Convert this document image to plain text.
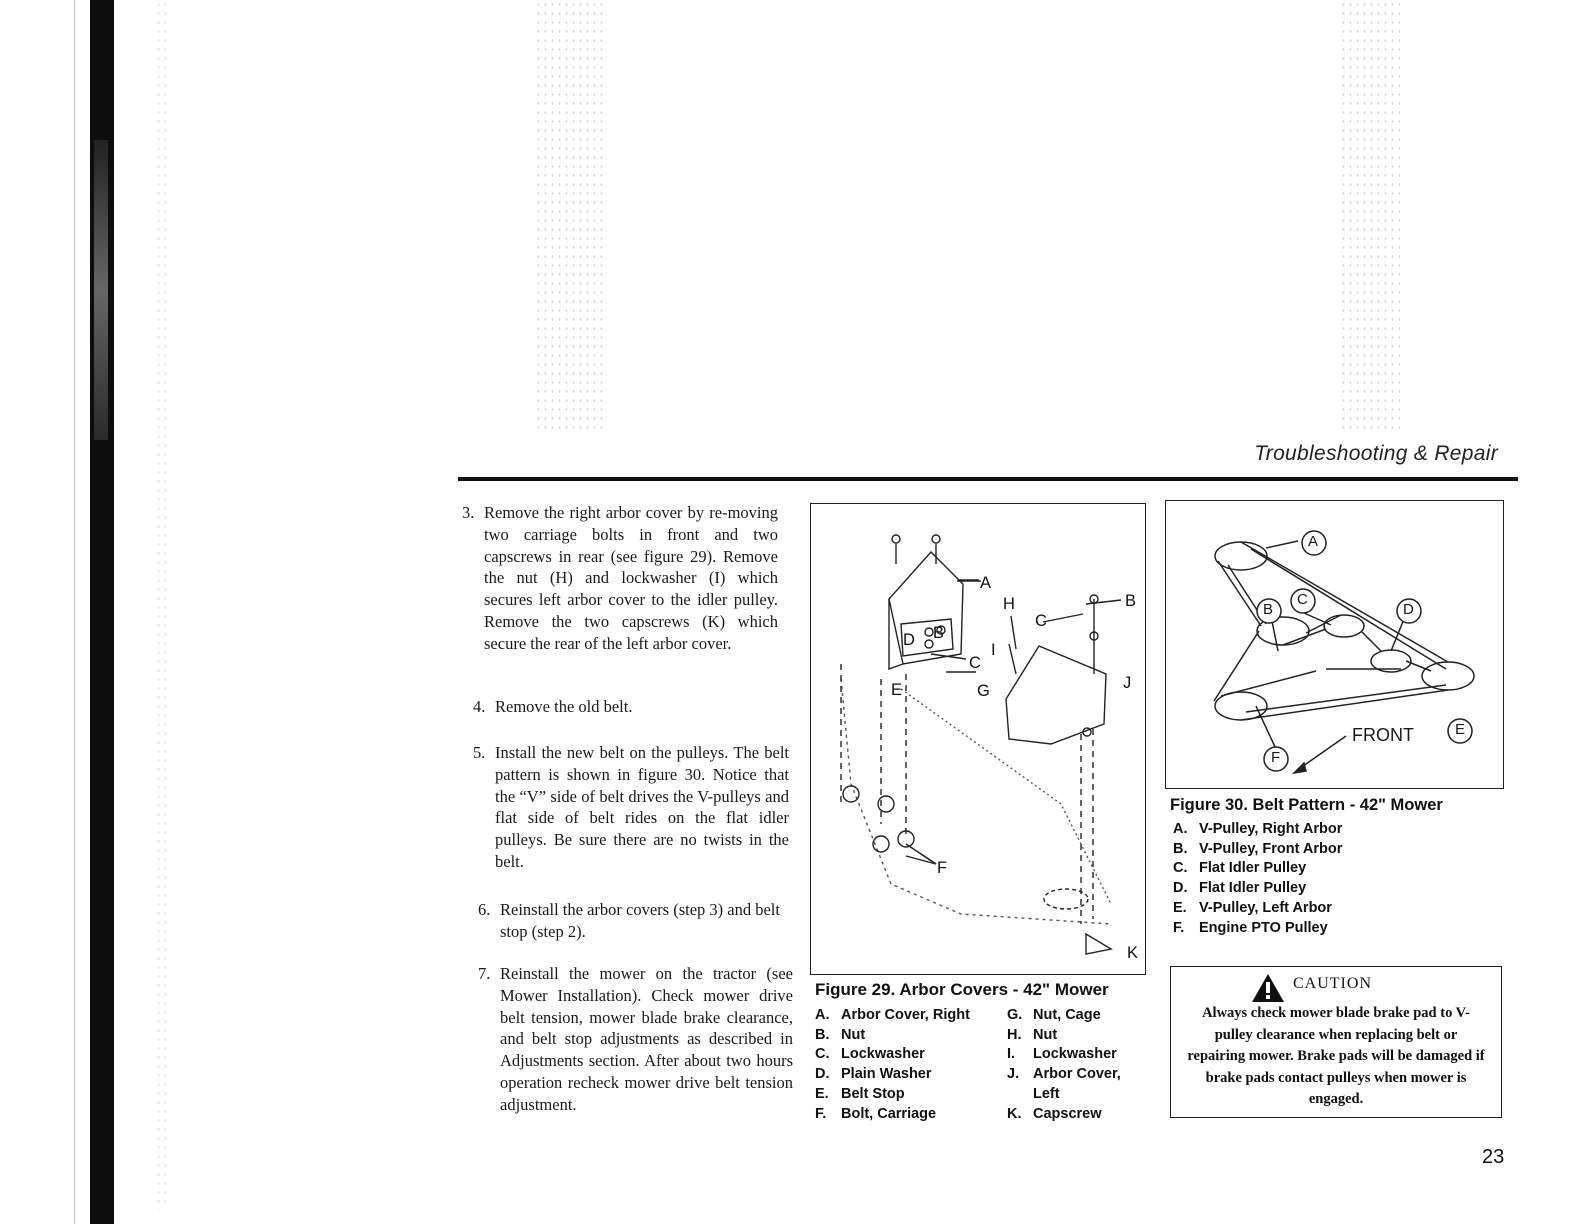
Troubleshooting & Repair
3. Remove the right arbor cover by re-moving two carriage bolts in front and two capscrews in rear (see figure 29). Remove the nut (H) and lockwasher (I) which secures left arbor cover to the idler pulley. Remove the two capscrews (K) which secure the rear of the left arbor cover.
4. Remove the old belt.
5. Install the new belt on the pulleys. The belt pattern is shown in figure 30. Notice that the “V” side of belt drives the V-pulleys and flat side of belt rides on the flat idler pulleys. Be sure there are no twists in the belt.
6. Reinstall the arbor covers (step 3) and belt stop (step 2).
7. Reinstall the mower on the tractor (see Mower Installation). Check mower drive belt tension, mower blade brake clearance, and belt stop adjustments as described in Adjustments section. After about two hours operation recheck mower drive belt tension adjustment.
A
B
C
D
E
F
G
H
I
J
K
B
C
Figure 29. Arbor Covers - 42" Mower
A. Arbor Cover, Right
B. Nut
C. Lockwasher
D. Plain Washer
E. Belt Stop
F.	Bolt, Carriage
G. Nut, Cage
H. Nut
I.	Lockwasher
J. Arbor Cover, Left
K. Capscrew
A
B
C
D
E
F
FRONT
Figure 30. Belt Pattern - 42" Mower
A. V-Pulley, Right Arbor
B. V-Pulley, Front Arbor
C. Flat Idler Pulley
D. Flat Idler Pulley
E. V-Pulley, Left Arbor
F.	Engine PTO Pulley
CAUTION
Always check mower blade brake pad to V-pulley clearance when replacing belt or repairing mower. Brake pads will be damaged if brake pads contact pulleys when mower is engaged.
23
